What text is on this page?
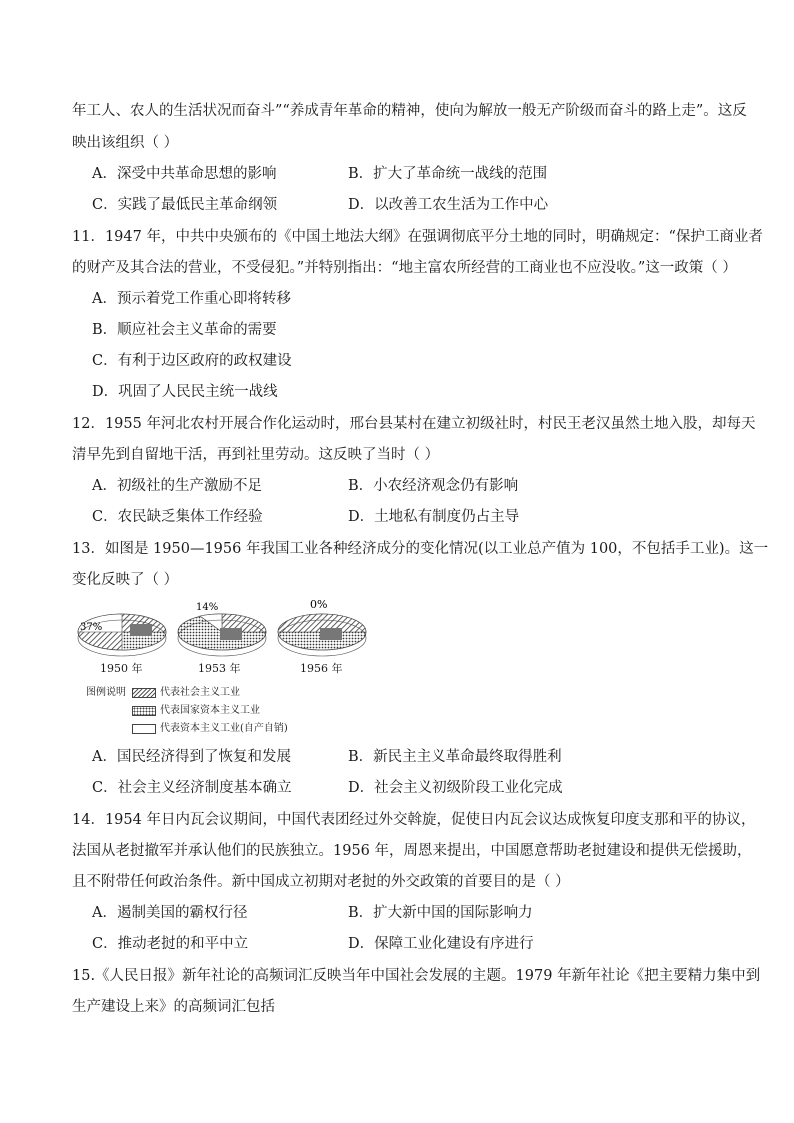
年工人、农人的生活状况而奋斗”“养成青年革命的精神，使向为解放一般无产阶级而奋斗的路上走”。这反
映出该组织（ ）
A．深受中共革命思想的影响	B．扩大了革命统一战线的范围
C．实践了最低民主革命纲领	D．以改善工农生活为工作中心
11．1947 年，中共中央颁布的《中国土地法大纲》在强调彻底平分土地的同时，明确规定：“保护工商业者
的财产及其合法的营业，不受侵犯。”并特别指出：“地主富农所经营的工商业也不应没收。”这一政策（ ）
A．预示着党工作重心即将转移
B．顺应社会主义革命的需要
C．有利于边区政府的政权建设
D．巩固了人民民主统一战线
12．1955 年河北农村开展合作化运动时，邢台县某村在建立初级社时，村民王老汉虽然土地入股，却每天
清早先到自留地干活，再到社里劳动。这反映了当时（ ）
A．初级社的生产激励不足	B．小农经济观念仍有影响
C．农民缺乏集体工作经验	D．土地私有制度仍占主导
13．如图是 1950—1956 年我国工业各种经济成分的变化情况(以工业总产值为 100，不包括手工业)。这一
变化反映了（ ）
37%
14%	0%
1950 年	1953 年	1956 年
图例说明	代表社会主义工业
代表国家资本主义工业
代表资本主义工业(自产自销)
A．国民经济得到了恢复和发展	B．新民主主义革命最终取得胜利
C．社会主义经济制度基本确立	D．社会主义初级阶段工业化完成
14．1954 年日内瓦会议期间，中国代表团经过外交斡旋，促使日内瓦会议达成恢复印度支那和平的协议，
法国从老挝撤军并承认他们的民族独立。1956 年，周恩来提出，中国愿意帮助老挝建设和提供无偿援助，
且不附带任何政治条件。新中国成立初期对老挝的外交政策的首要目的是（ ）
A．遏制美国的霸权行径	B．扩大新中国的国际影响力
C．推动老挝的和平中立	D．保障工业化建设有序进行
15.《人民日报》新年社论的高频词汇反映当年中国社会发展的主题。1979 年新年社论《把主要精力集中到
生产建设上来》的高频词汇包括
